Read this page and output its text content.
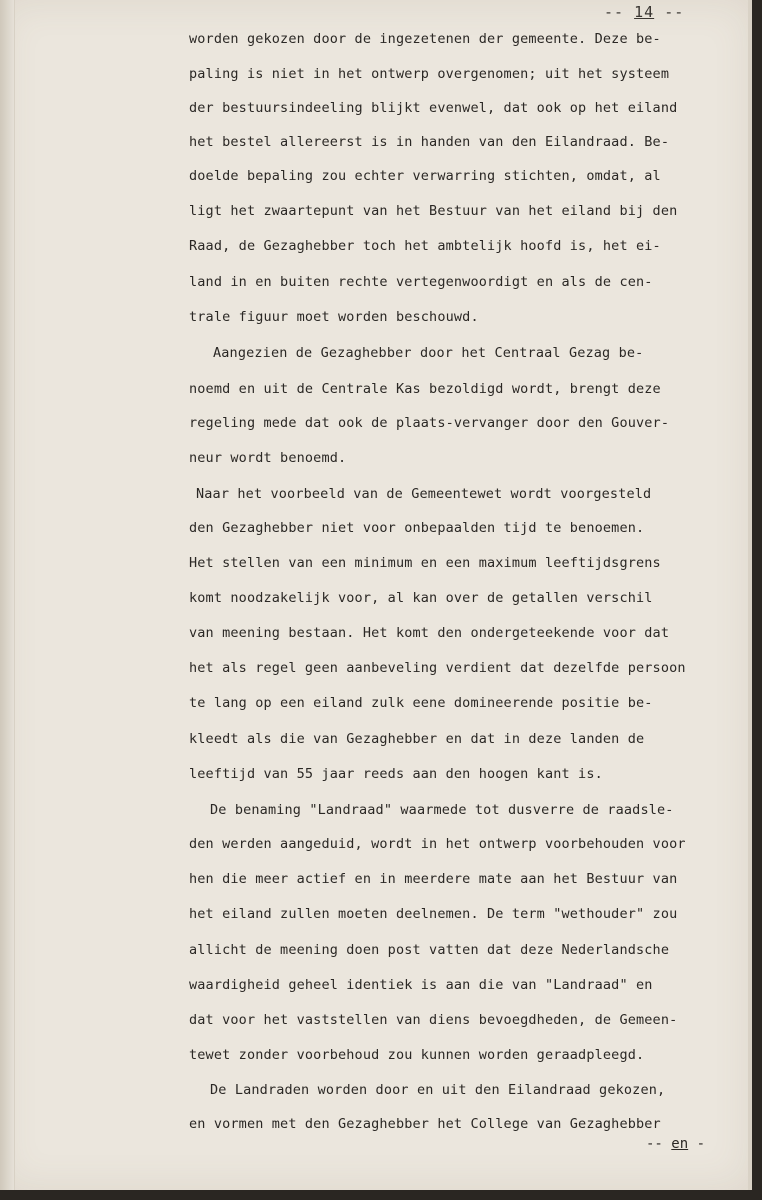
-- 14 --
worden gekozen door de ingezetenen der gemeente. Deze be-
paling is niet in het ontwerp overgenomen; uit het systeem
der bestuursindeeling blijkt evenwel, dat ook op het eiland
het bestel allereerst is in handen van den Eilandraad. Be-
doelde bepaling zou echter verwarring stichten, omdat, al
ligt het zwaartepunt van het Bestuur van het eiland bij den
Raad, de Gezaghebber toch het ambtelijk hoofd is, het ei-
land in en buiten rechte vertegenwoordigt en als de cen-
trale figuur moet worden beschouwd.
Aangezien de Gezaghebber door het Centraal Gezag be-
noemd en uit de Centrale Kas bezoldigd wordt, brengt deze
regeling mede dat ook de plaats-vervanger door den Gouver-
neur wordt benoemd.
Naar het voorbeeld van de Gemeentewet wordt voorgesteld
den Gezaghebber niet voor onbepaalden tijd te benoemen.
Het stellen van een minimum en een maximum leeftijdsgrens
komt noodzakelijk voor, al kan over de getallen verschil
van meening bestaan. Het komt den ondergeteekende voor dat
het als regel geen aanbeveling verdient dat dezelfde persoon
te lang op een eiland zulk eene domineerende positie be-
kleedt als die van Gezaghebber en dat in deze landen de
leeftijd van 55 jaar reeds aan den hoogen kant is.
De benaming "Landraad" waarmede tot dusverre de raadsle-
den werden aangeduid, wordt in het ontwerp voorbehouden voor
hen die meer actief en in meerdere mate aan het Bestuur van
het eiland zullen moeten deelnemen. De term "wethouder" zou
allicht de meening doen post vatten dat deze Nederlandsche
waardigheid geheel identiek is aan die van "Landraad" en
dat voor het vaststellen van diens bevoegdheden, de Gemeen-
tewet zonder voorbehoud zou kunnen worden geraadpleegd.
De Landraden worden door en uit den Eilandraad gekozen,
en vormen met den Gezaghebber het College van Gezaghebber
-- en -
